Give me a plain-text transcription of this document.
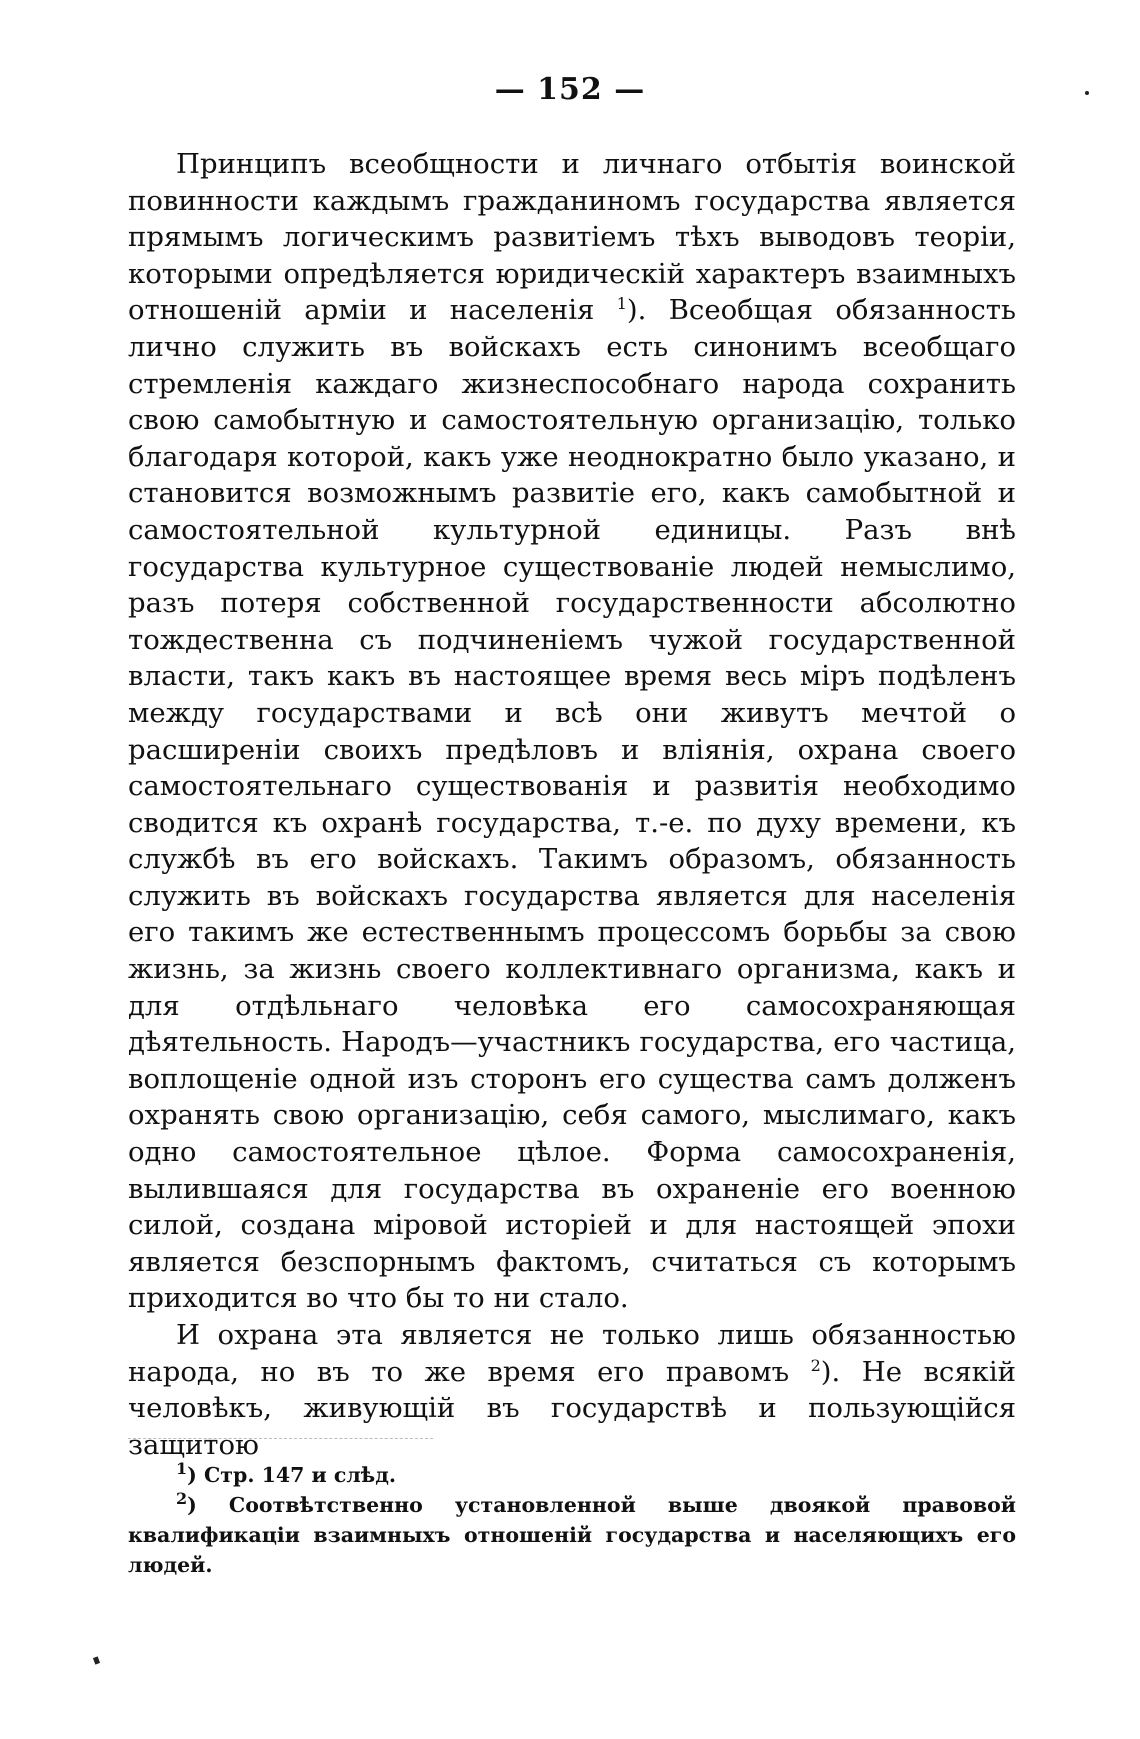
— 152 —

Принципъ всеобщности и личнаго отбытія воинской повинности каждымъ гражданиномъ государства является прямымъ логическимъ развитіемъ тѣхъ выводовъ теоріи, которыми опредѣляется юридическій характеръ взаимныхъ отношеній арміи и населенія $^1$). Всеобщая обязанность лично служить въ войскахъ есть синонимъ всеобщаго стремленія каждаго жизнеспособнаго народа сохранить свою самобытную и самостоятельную организацію, только благодаря которой, какъ уже неоднократно было указано, и становится возможнымъ развитіе его, какъ самобытной и самостоятельной культурной единицы. Разъ внѣ государства культурное существованіе людей немыслимо, разъ потеря собственной государственности абсолютно тождественна съ подчиненіемъ чужой государственной власти, такъ какъ въ настоящее время весь міръ подѣленъ между государствами и всѣ они живутъ мечтой о расширеніи своихъ предѣловъ и вліянія, охрана своего самостоятельнаго существованія и развитія необходимо сводится къ охранѣ государства, т.-е. по духу времени, къ службѣ въ его войскахъ. Такимъ образомъ, обязанность служить въ войскахъ государства является для населенія его такимъ же естественнымъ процессомъ борьбы за свою жизнь, за жизнь своего коллективнаго организма, какъ и для отдѣльнаго человѣка его самосохраняющая дѣятельность. Народъ—участникъ государства, его частица, воплощеніе одной изъ сторонъ его существа самъ долженъ охранять свою организацію, себя самого, мыслимаго, какъ одно самостоятельное цѣлое. Форма самосохраненія, вылившаяся для государства въ охраненіе его военною силой, создана міровой исторіей и для настоящей эпохи является безспорнымъ фактомъ, считаться съ которымъ приходится во что бы то ни стало.

И охрана эта является не только лишь обязанностью народа, но въ то же время его правомъ $^2$). Не всякій человѣкъ, живующій въ государствѣ и пользующійся защитою

$^1$) Стр. 147 и слѣд.

$^2$) Соотвѣтственно установленной выше двоякой правовой квалификаціи взаимныхъ отношеній государства и населяющихъ его людей.
